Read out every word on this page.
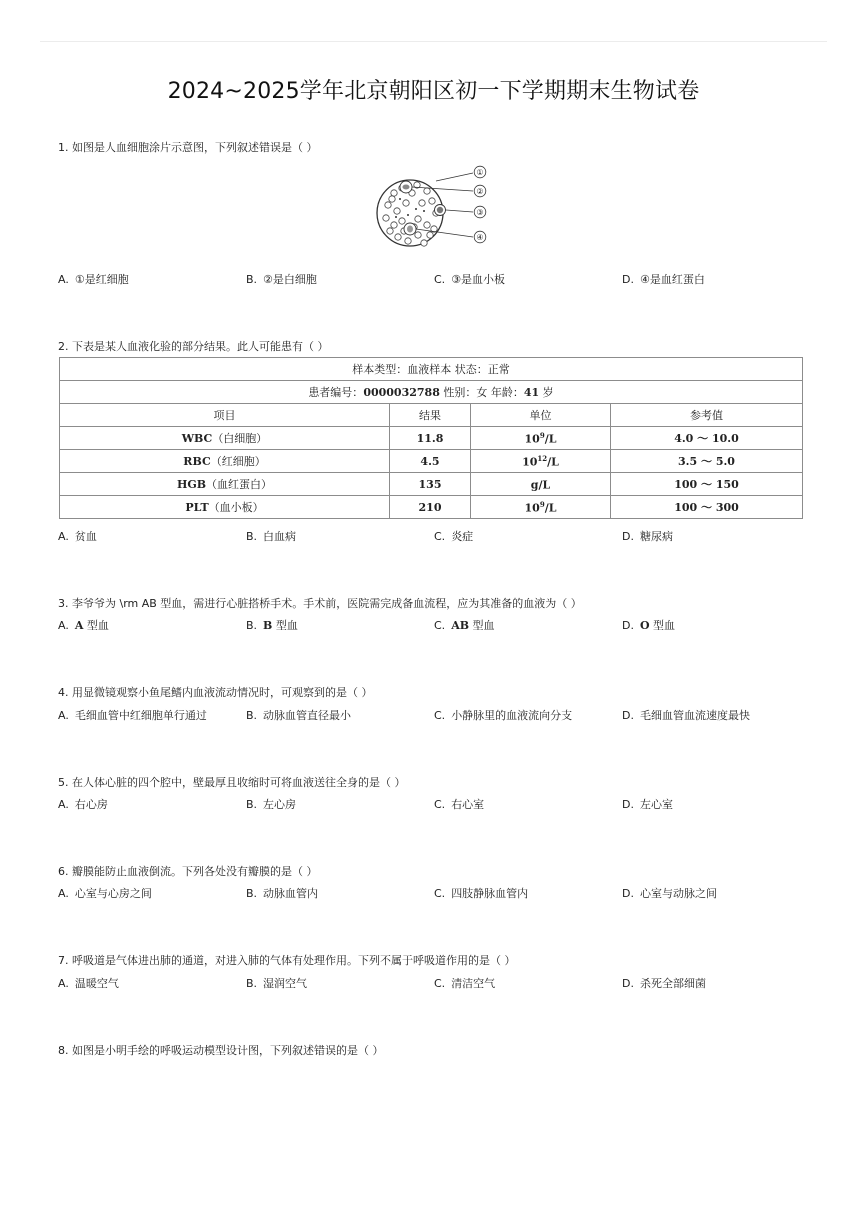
2024~2025学年北京朝阳区初一下学期期末生物试卷
1. 如图是人血细胞涂片示意图，下列叙述错误是（ ）
①
②
③
④
A. ①是红细胞	B. ②是白细胞	C. ③是血小板	D. ④是血红蛋白
2. 下表是某人血液化验的部分结果。此人可能患有（ ）
样本类型：血液样本 状态：正常			
患者编号：0000032788 性别：女 年龄：41 岁			
项目	结果	单位	参考值
WBC（白细胞）	11.8	$10^9/L$	4.0 ～ 10.0
RBC（红细胞）	4.5	$10^{12}/L$	3.5 ～ 5.0
HGB（血红蛋白）	135	g/L	100 ～ 150
PLT（血小板）	210	$10^9/L$	100 ～ 300
A. 贫血	B. 白血病	C. 炎症	D. 糖尿病
3. 李爷爷为 \rm AB 型血，需进行心脏搭桥手术。手术前，医院需完成备血流程，应为其准备的血液为（ ）
A. A 型血	B. B 型血	C. AB 型血	D. O 型血
4. 用显微镜观察小鱼尾鳍内血液流动情况时，可观察到的是（ ）
A. 毛细血管中红细胞单行通过	B. 动脉血管直径最小	C. 小静脉里的血液流向分支	D. 毛细血管血流速度最快
5. 在人体心脏的四个腔中，壁最厚且收缩时可将血液送往全身的是（ ）
A. 右心房	B. 左心房	C. 右心室	D. 左心室
6. 瓣膜能防止血液倒流。下列各处没有瓣膜的是（ ）
A. 心室与心房之间	B. 动脉血管内	C. 四肢静脉血管内	D. 心室与动脉之间
7. 呼吸道是气体进出肺的通道，对进入肺的气体有处理作用。下列不属于呼吸道作用的是（ ）
A. 温暖空气	B. 湿润空气	C. 清洁空气	D. 杀死全部细菌
8. 如图是小明手绘的呼吸运动模型设计图，下列叙述错误的是（ ）
